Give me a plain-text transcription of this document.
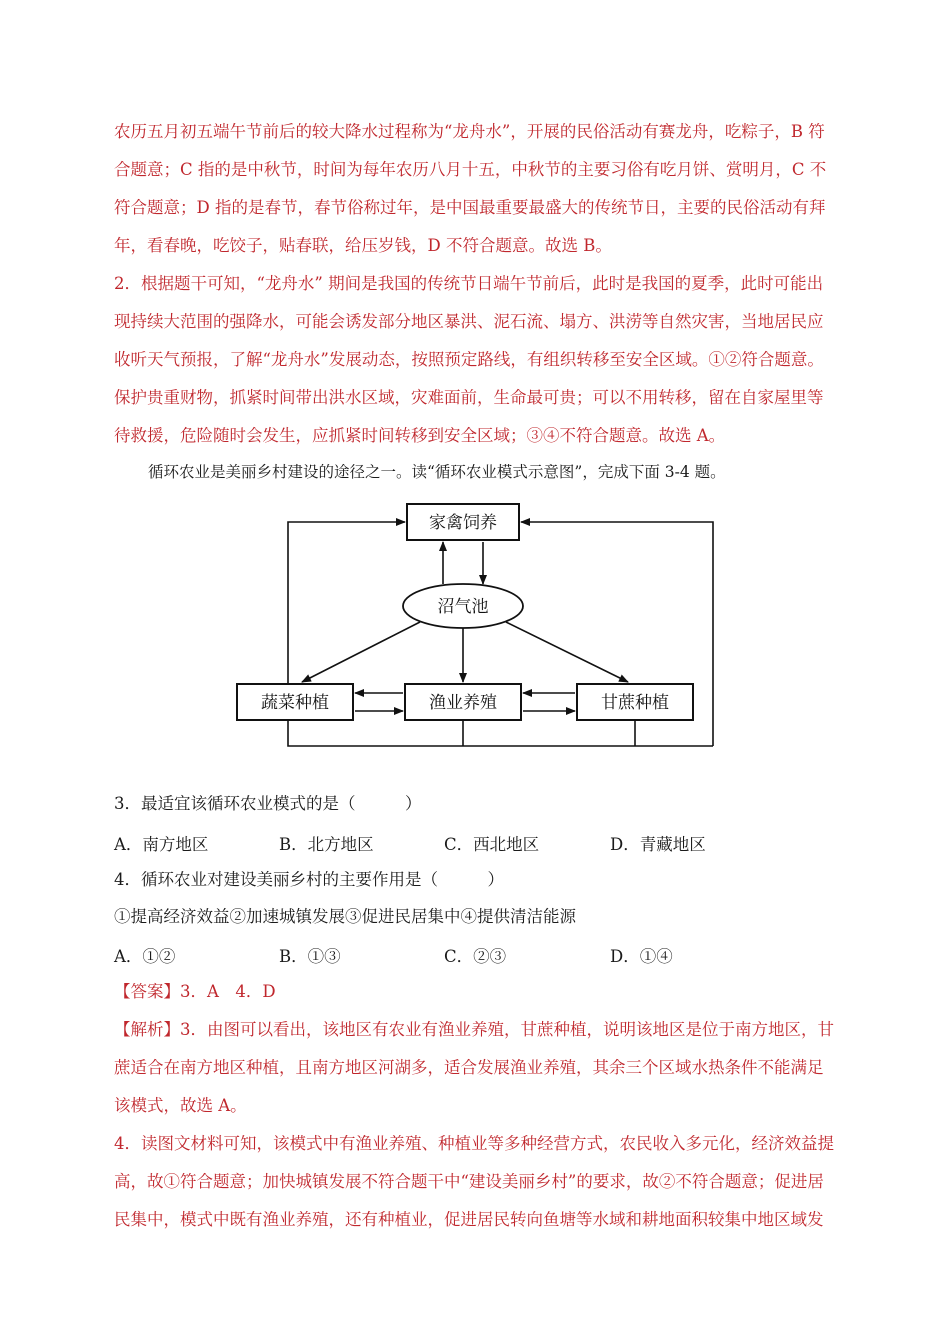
农历五月初五端午节前后的较大降水过程称为“龙舟水”，开展的民俗活动有赛龙舟，吃粽子，B 符
合题意；C 指的是中秋节，时间为每年农历八月十五，中秋节的主要习俗有吃月饼、赏明月，C 不
符合题意；D 指的是春节，春节俗称过年，是中国最重要最盛大的传统节日，主要的民俗活动有拜
年，看春晚，吃饺子，贴春联，给压岁钱，D 不符合题意。故选 B。
2．根据题干可知，“龙舟水” 期间是我国的传统节日端午节前后，此时是我国的夏季，此时可能出
现持续大范围的强降水，可能会诱发部分地区暴洪、泥石流、塌方、洪涝等自然灾害，当地居民应
收听天气预报，了解“龙舟水”发展动态，按照预定路线，有组织转移至安全区域。①②符合题意。
保护贵重财物，抓紧时间带出洪水区域，灾难面前，生命最可贵；可以不用转移，留在自家屋里等
待救援，危险随时会发生，应抓紧时间转移到安全区域；③④不符合题意。故选 A。
循环农业是美丽乡村建设的途径之一。读“循环农业模式示意图”，完成下面 3-4 题。
家禽饲养
沼气池
蔬菜种植	渔业养殖	甘蔗种植
3．最适宜该循环农业模式的是（　　　）
A．南方地区	B．北方地区	C．西北地区	D．青藏地区
4．循环农业对建设美丽乡村的主要作用是（　　　）
①提高经济效益②加速城镇发展③促进民居集中④提供清洁能源
A．①②	B．①③	C．②③	D．①④
【答案】3．A　4．D
【解析】3．由图可以看出，该地区有农业有渔业养殖，甘蔗种植，说明该地区是位于南方地区，甘
蔗适合在南方地区种植，且南方地区河湖多，适合发展渔业养殖，其余三个区域水热条件不能满足
该模式，故选 A。
4．读图文材料可知，该模式中有渔业养殖、种植业等多种经营方式，农民收入多元化，经济效益提
高，故①符合题意；加快城镇发展不符合题干中“建设美丽乡村”的要求，故②不符合题意；促进居
民集中，模式中既有渔业养殖，还有种植业，促进居民转向鱼塘等水域和耕地面积较集中地区域发
